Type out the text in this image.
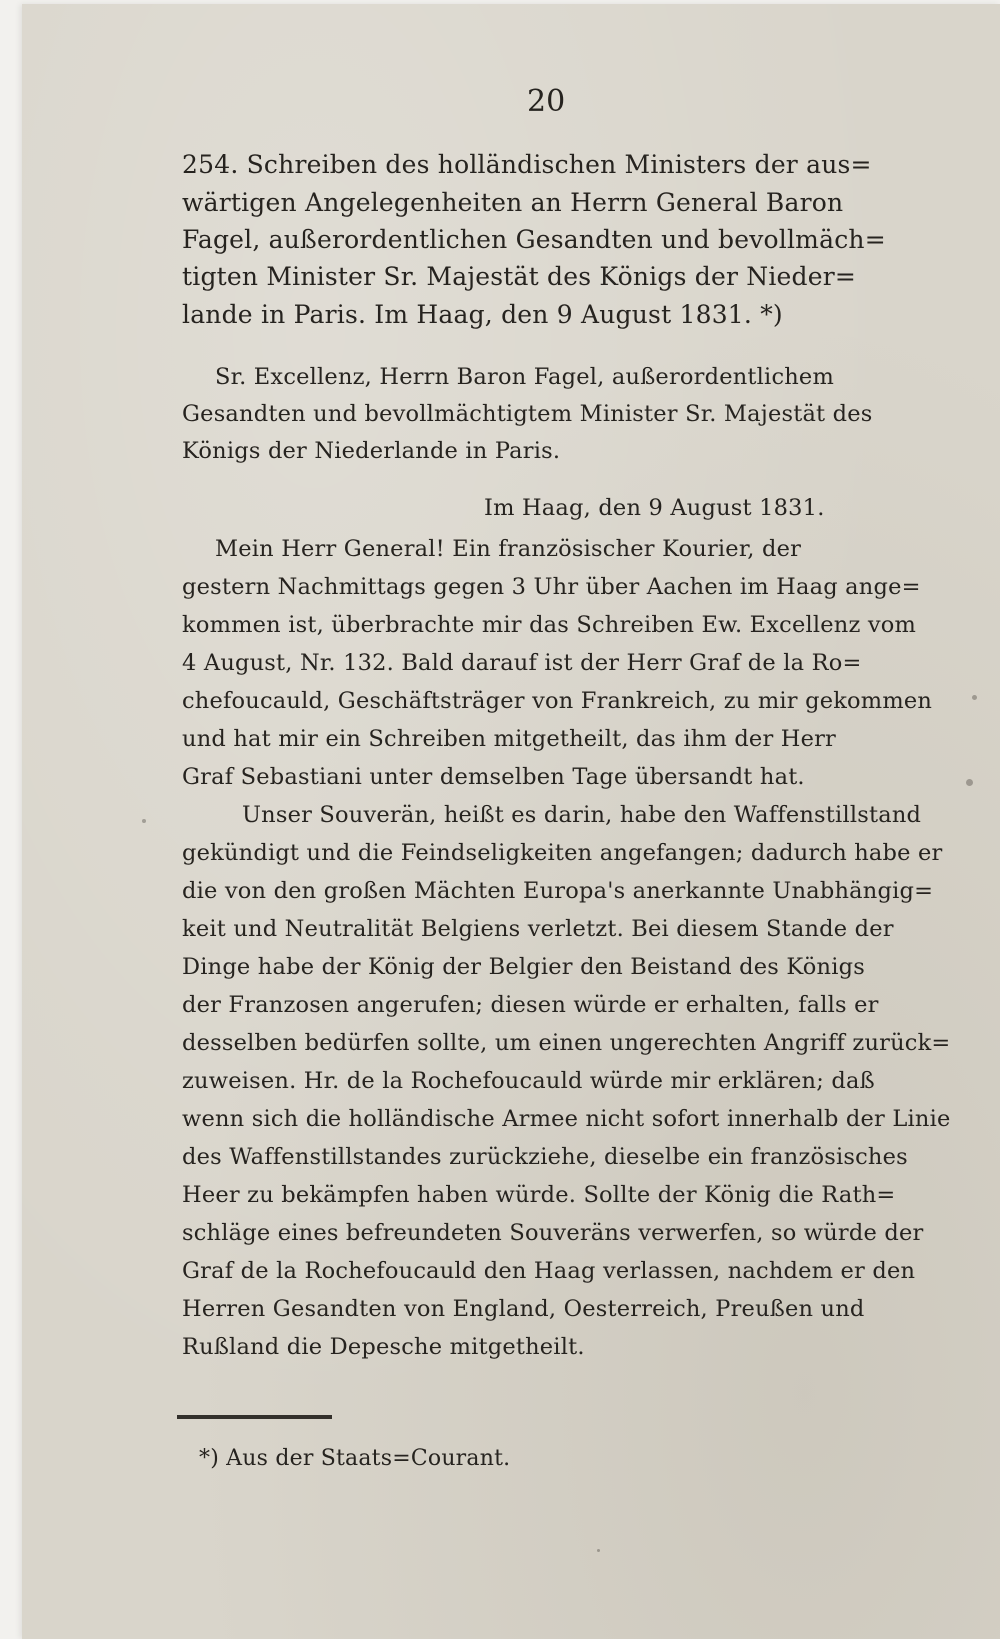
20
254. Schreiben des holländischen Ministers der aus=
wärtigen Angelegenheiten an Herrn General Baron
Fagel, außerordentlichen Gesandten und bevollmäch=
tigten Minister Sr. Majestät des Königs der Nieder=
lande in Paris. Im Haag, den 9 August 1831. *)
Sr. Excellenz, Herrn Baron Fagel, außerordentlichem
Gesandten und bevollmächtigtem Minister Sr. Majestät des
Königs der Niederlande in Paris.
Im Haag, den 9 August 1831.
Mein Herr General! Ein französischer Kourier, der
gestern Nachmittags gegen 3 Uhr über Aachen im Haag ange=
kommen ist, überbrachte mir das Schreiben Ew. Excellenz vom
4 August, Nr. 132. Bald darauf ist der Herr Graf de la Ro=
chefoucauld, Geschäftsträger von Frankreich, zu mir gekommen
und hat mir ein Schreiben mitgetheilt, das ihm der Herr
Graf Sebastiani unter demselben Tage übersandt hat.
Unser Souverän, heißt es darin, habe den Waffenstillstand
gekündigt und die Feindseligkeiten angefangen; dadurch habe er
die von den großen Mächten Europa's anerkannte Unabhängig=
keit und Neutralität Belgiens verletzt. Bei diesem Stande der
Dinge habe der König der Belgier den Beistand des Königs
der Franzosen angerufen; diesen würde er erhalten, falls er
desselben bedürfen sollte, um einen ungerechten Angriff zurück=
zuweisen. Hr. de la Rochefoucauld würde mir erklären; daß
wenn sich die holländische Armee nicht sofort innerhalb der Linie
des Waffenstillstandes zurückziehe, dieselbe ein französisches
Heer zu bekämpfen haben würde. Sollte der König die Rath=
schläge eines befreundeten Souveräns verwerfen, so würde der
Graf de la Rochefoucauld den Haag verlassen, nachdem er den
Herren Gesandten von England, Oesterreich, Preußen und
Rußland die Depesche mitgetheilt.
*) Aus der Staats=Courant.
